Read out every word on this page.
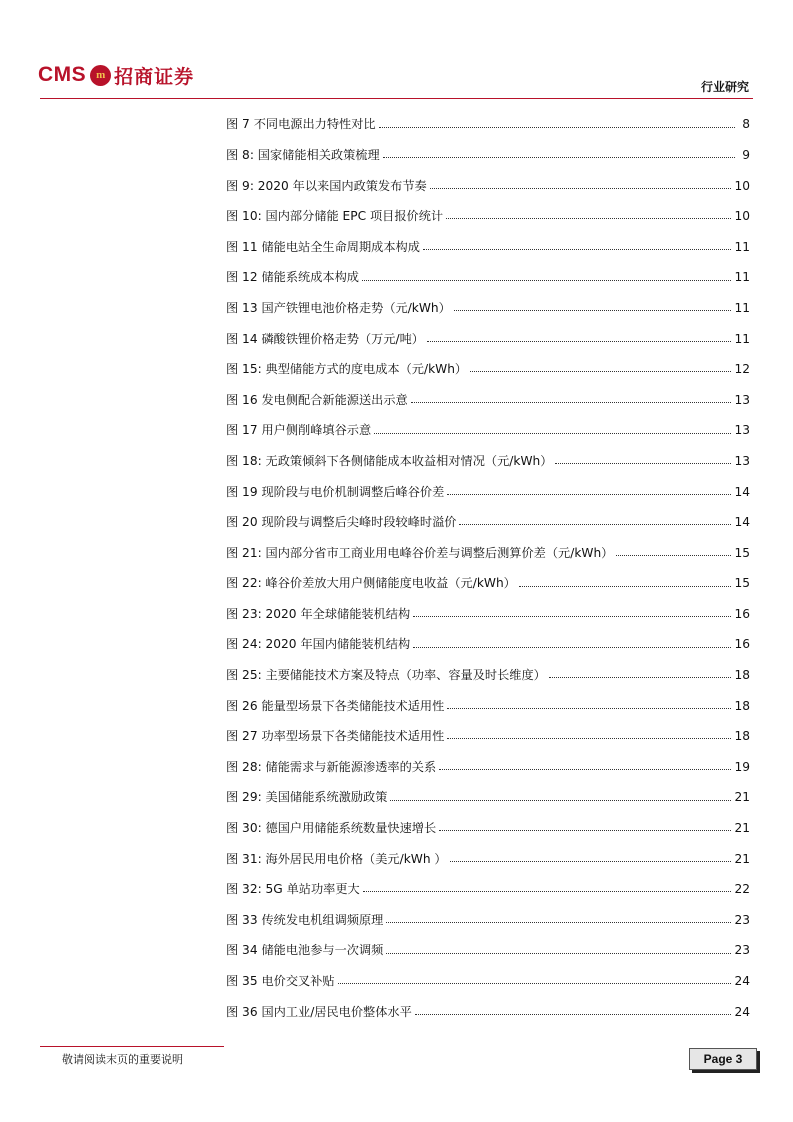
CMS m 招商证券	行业研究
图 7 不同电源出力特性对比	8
图 8: 国家储能相关政策梳理	9
图 9: 2020 年以来国内政策发布节奏	10
图 10: 国内部分储能 EPC 项目报价统计	10
图 11 储能电站全生命周期成本构成	11
图 12 储能系统成本构成	11
图 13 国产铁锂电池价格走势（元/kWh）	11
图 14 磷酸铁锂价格走势（万元/吨）	11
图 15: 典型储能方式的度电成本（元/kWh）	12
图 16 发电侧配合新能源送出示意	13
图 17 用户侧削峰填谷示意	13
图 18: 无政策倾斜下各侧储能成本收益相对情况（元/kWh）	13
图 19 现阶段与电价机制调整后峰谷价差	14
图 20 现阶段与调整后尖峰时段较峰时溢价	14
图 21: 国内部分省市工商业用电峰谷价差与调整后测算价差（元/kWh）	15
图 22: 峰谷价差放大用户侧储能度电收益（元/kWh）	15
图 23: 2020 年全球储能装机结构	16
图 24: 2020 年国内储能装机结构	16
图 25: 主要储能技术方案及特点（功率、容量及时长维度）	18
图 26 能量型场景下各类储能技术适用性	18
图 27 功率型场景下各类储能技术适用性	18
图 28: 储能需求与新能源渗透率的关系	19
图 29: 美国储能系统激励政策	21
图 30: 德国户用储能系统数量快速增长	21
图 31: 海外居民用电价格（美元/kWh ）	21
图 32: 5G 单站功率更大	22
图 33 传统发电机组调频原理	23
图 34 储能电池参与一次调频	23
图 35 电价交叉补贴	24
图 36 国内工业/居民电价整体水平	24
敬请阅读末页的重要说明	Page 3
